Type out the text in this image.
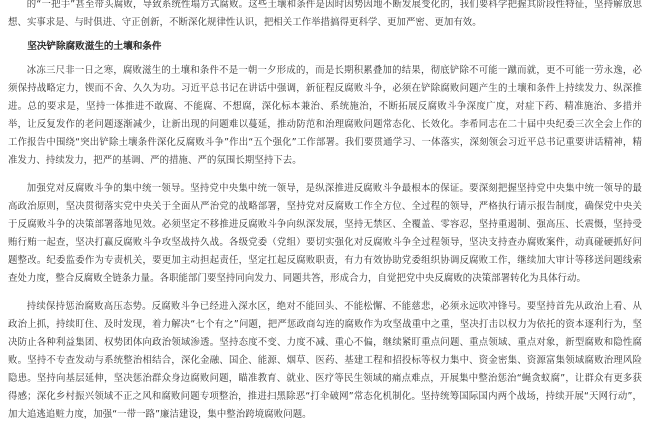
的“一把手”甚至带头腐败，导致系统性塌方式腐败。这些土壤和条件是因时因势因地不断发展变化的，我们要科学把握其阶段性特征，坚持解放思想、实事求是、与时俱进、守正创新，不断深化规律性认识，把相关工作举措搞得更科学、更加严密、更加有效。

坚决铲除腐败滋生的土壤和条件

冰冻三尺非一日之寒，腐败滋生的土壤和条件不是一朝一夕形成的，而是长期积累叠加的结果，彻底铲除不可能一蹴而就，更不可能一劳永逸，必须保持战略定力，锲而不舍、久久为功。习近平总书记在讲话中强调，新征程反腐败斗争，必须在铲除腐败问题产生的土壤和条件上持续发力、纵深推进。总的要求是，坚持一体推进不敢腐、不能腐、不想腐，深化标本兼治、系统施治，不断拓展反腐败斗争深度广度，对症下药、精准施治、多措并举，让反复发作的老问题逐渐减少，让新出现的问题难以蔓延，推动防范和治理腐败问题常态化、长效化。李希同志在二十届中央纪委三次全会上作的工作报告中围绕“突出铲除土壤条件深化反腐败斗争”作出“五个强化”工作部署。我们要贯通学习、一体落实，深刻领会习近平总书记重要讲话精神，精准发力、持续发力，把严的基调、严的措施、严的氛围长期坚持下去。

加强党对反腐败斗争的集中统一领导。坚持党中央集中统一领导，是纵深推进反腐败斗争最根本的保证。要深刻把握坚持党中央集中统一领导的最高政治原则，坚决贯彻落实党中央关于全面从严治党的战略部署，坚持党对反腐败工作全方位、全过程的领导，严格执行请示报告制度，确保党中央关于反腐败斗争的决策部署落地见效。必须坚定不移推进反腐败斗争向纵深发展，坚持无禁区、全覆盖、零容忍，坚持重遏制、强高压、长震慑，坚持受贿行贿一起查，坚决打赢反腐败斗争攻坚战持久战。各级党委（党组）要切实强化对反腐败斗争全过程领导，坚决支持查办腐败案件，动真碰硬抓好问题整改。纪委监委作为专责机关，要更加主动担起责任，坚定扛起反腐败职责，有力有效协助党委组织协调反腐败工作，继续加大审计等移送问题线索查处力度，整合反腐败全链条力量。各职能部门要坚持同向发力、同题共答，形成合力，自觉把党中央反腐败的决策部署转化为具体行动。

持续保持惩治腐败高压态势。反腐败斗争已经进入深水区，绝对不能回头、不能松懈、不能慈悲，必须永远吹冲锋号。要坚持首先从政治上看、从政治上抓，持续盯住、及时发现，着力解决“七个有之”问题，把严惩政商勾连的腐败作为攻坚战重中之重，坚决打击以权力为依托的资本逐利行为，坚决防止各种利益集团、权势团体向政治领域渗透。坚持态度不变、力度不减、重心不偏，继续紧盯重点问题、重点领域、重点对象，新型腐败和隐性腐败。坚持不专查发动与系统整治相结合，深化金融、国企、能源、烟草、医药、基建工程和招投标等权力集中、资金密集、资源富集领域腐败治理风险隐患。坚持向基层延伸，坚决惩治群众身边腐败问题，瞄准教育、就业、医疗等民生领域的痛点难点，开展集中整治惩治“蝇贪蚁腐”，让群众有更多获得感；深化乡村振兴领域不正之风和腐败问题专项整治，推进扫黑除恶“打伞破网”常态化机制化。坚持统筹国际国内两个战场，持续开展“天网行动”，加大追逃追赃力度，加强“一带一路”廉洁建设，集中整治跨境腐败问题。
